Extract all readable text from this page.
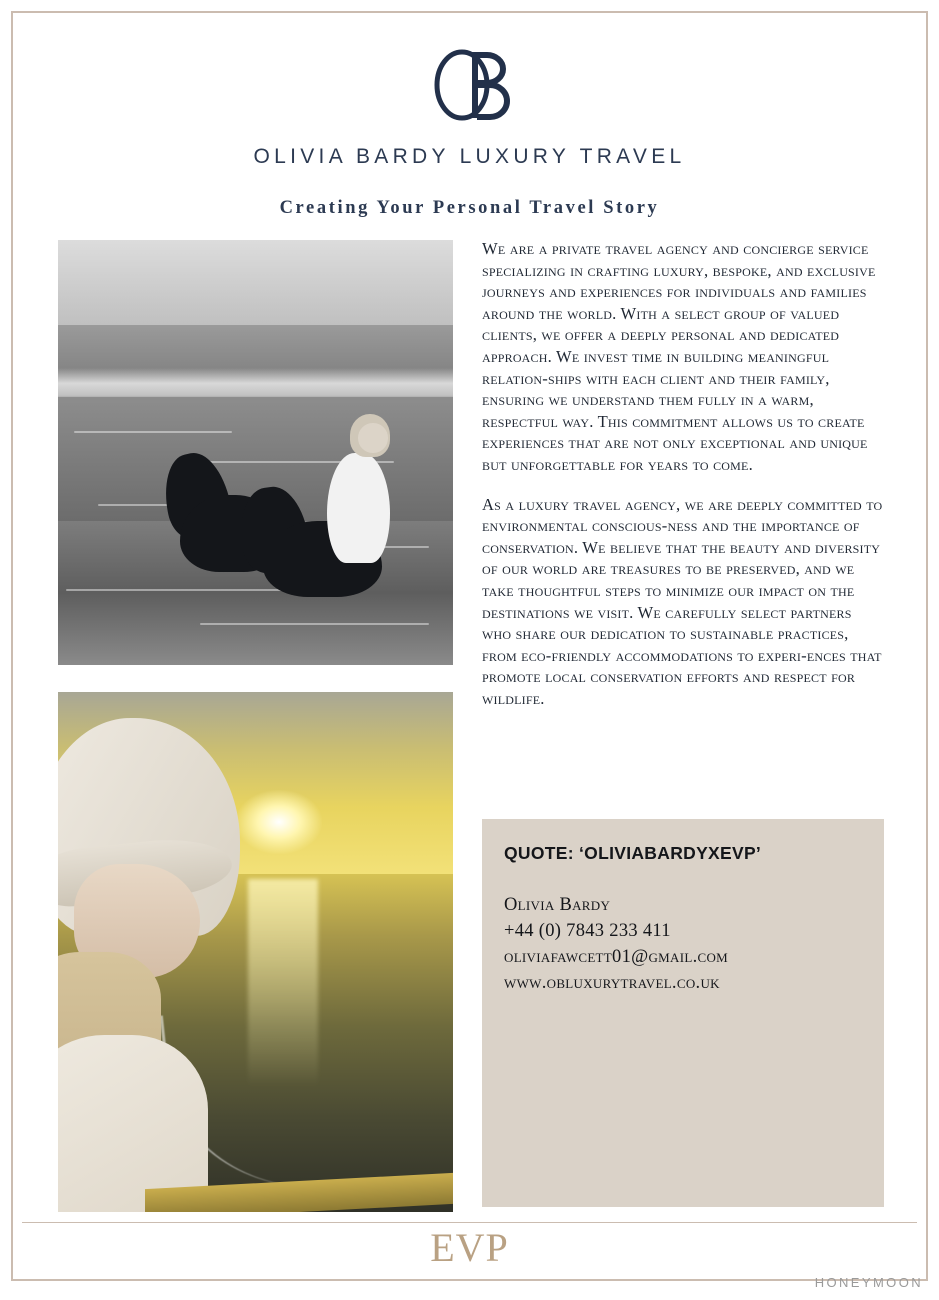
OLIVIA BARDY LUXURY TRAVEL
Creating Your Personal Travel Story

We are a private travel agency and concierge service specializing in crafting luxury, bespoke, and exclusive journeys and experiences for individuals and families around the world. With a select group of valued clients, we offer a deeply personal and dedicated approach. We invest time in building meaningful relation-ships with each client and their family, ensuring we understand them fully in a warm, respectful way. This commitment allows us to create experiences that are not only exceptional and unique but unforgettable for years to come.

As a luxury travel agency, we are deeply committed to environmental conscious-ness and the importance of conservation. We believe that the beauty and diversity of our world are treasures to be preserved, and we take thoughtful steps to minimize our impact on the destinations we visit. We carefully select partners who share our dedication to sustainable practices, from eco-friendly accommodations to experi-ences that promote local conservation efforts and respect for wildlife.

QUOTE: ‘OLIVIABARDYXEVP’
Olivia Bardy
+44 (0) 7843 233 411
oliviafawcett01@gmail.com
www.obluxurytravel.co.uk
EVP
HONEYMOON
